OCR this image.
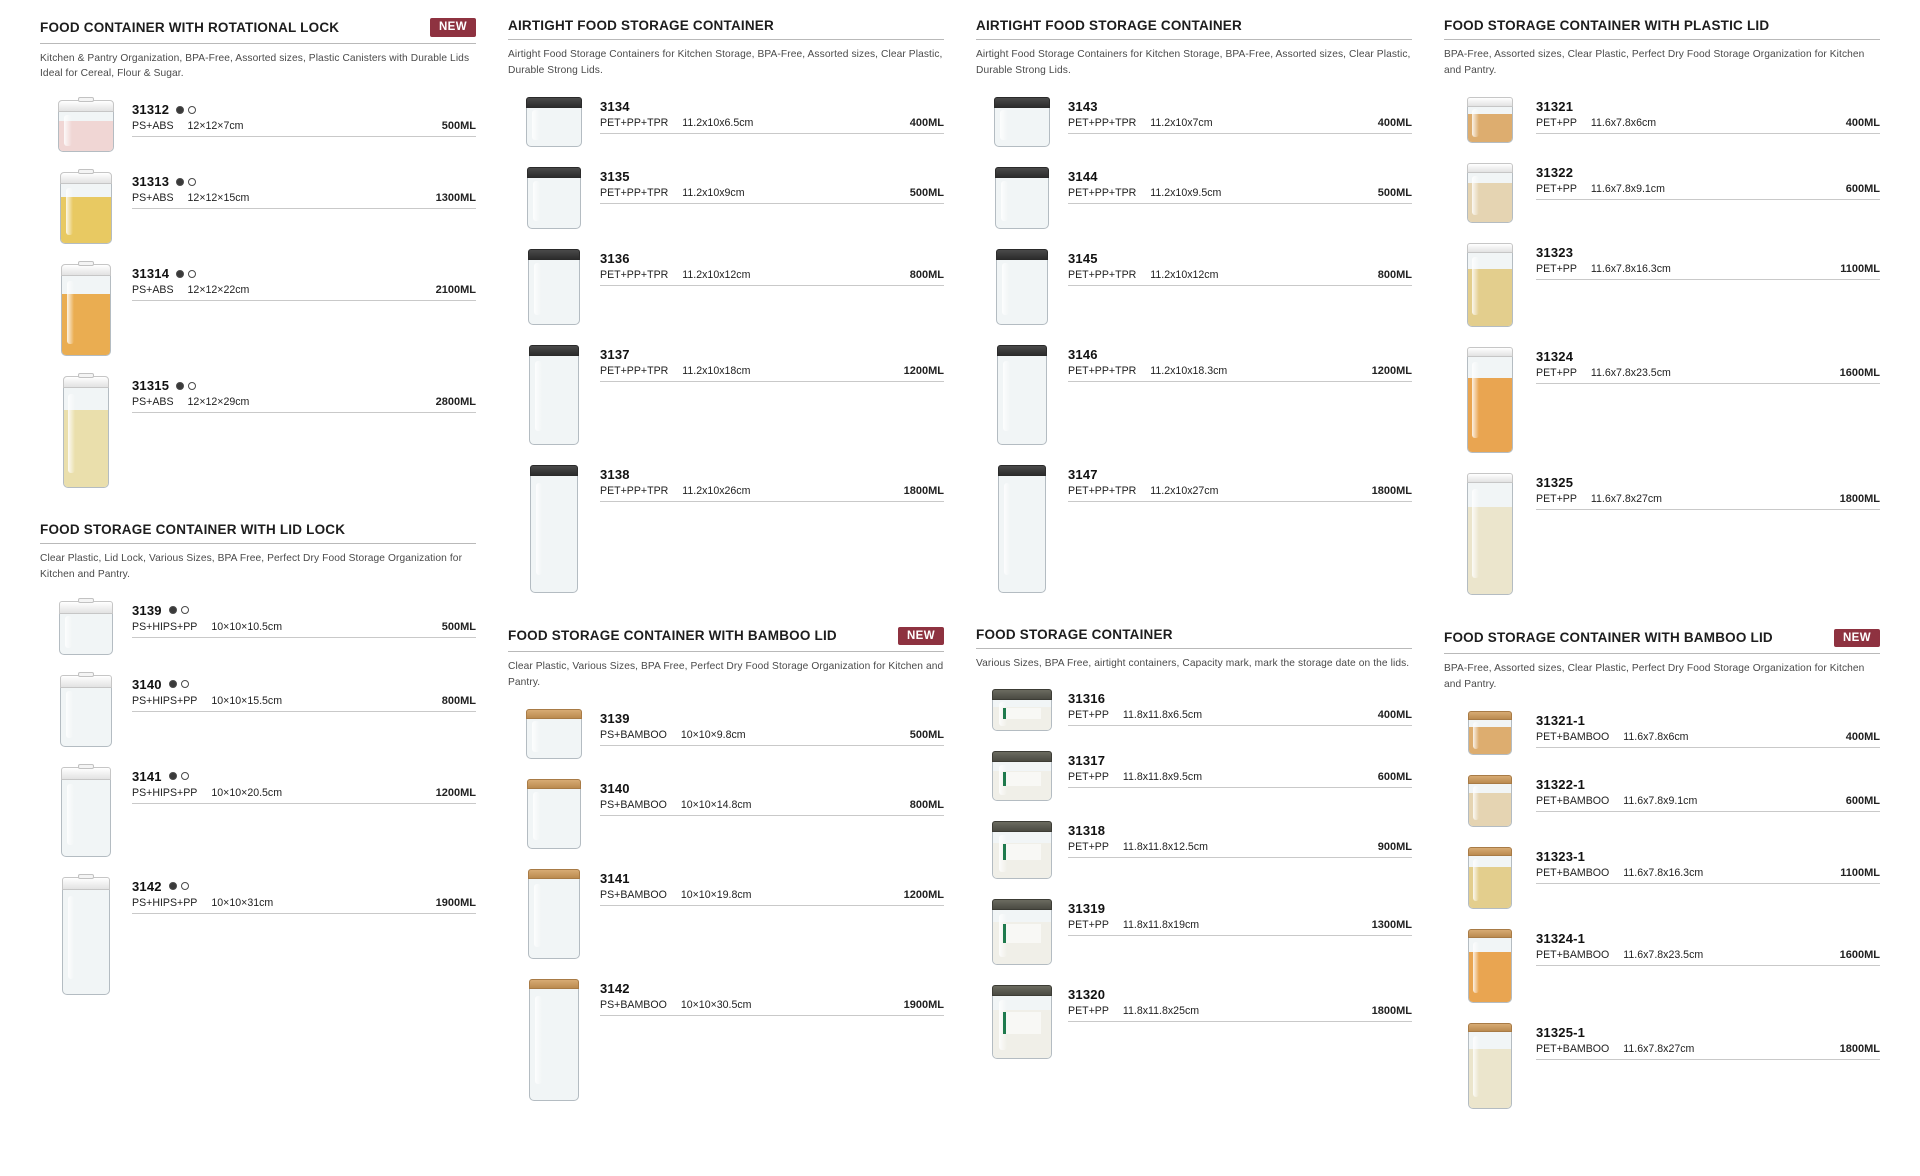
FOOD CONTAINER WITH ROTATIONAL LOCK	NEW
Kitchen & Pantry Organization, BPA-Free, Assorted sizes, Plastic Canisters with Durable Lids Ideal for Cereal, Flour & Sugar.
31312
PS+ABS 12×12×7cm	500ML
31313
PS+ABS 12×12×15cm	1300ML
31314
PS+ABS 12×12×22cm	2100ML
31315
PS+ABS 12×12×29cm	2800ML
FOOD STORAGE CONTAINER WITH LID LOCK
Clear Plastic, Lid Lock, Various Sizes, BPA Free, Perfect Dry Food Storage Organization for Kitchen and Pantry.
3139
PS+HIPS+PP 10×10×10.5cm	500ML
3140
PS+HIPS+PP 10×10×15.5cm	800ML
3141
PS+HIPS+PP 10×10×20.5cm	1200ML
3142
PS+HIPS+PP 10×10×31cm	1900ML
AIRTIGHT FOOD STORAGE CONTAINER
Airtight Food Storage Containers for Kitchen Storage, BPA-Free, Assorted sizes, Clear Plastic, Durable Strong Lids.
3134
PET+PP+TPR 11.2x10x6.5cm	400ML
3135
PET+PP+TPR 11.2x10x9cm	500ML
3136
PET+PP+TPR 11.2x10x12cm	800ML
3137
PET+PP+TPR 11.2x10x18cm	1200ML
3138
PET+PP+TPR 11.2x10x26cm	1800ML
FOOD STORAGE CONTAINER WITH BAMBOO LID	NEW
Clear Plastic, Various Sizes, BPA Free, Perfect Dry Food Storage Organization for Kitchen and Pantry.
3139
PS+BAMBOO 10×10×9.8cm	500ML
3140
PS+BAMBOO 10×10×14.8cm	800ML
3141
PS+BAMBOO 10×10×19.8cm	1200ML
3142
PS+BAMBOO 10×10×30.5cm	1900ML
AIRTIGHT FOOD STORAGE CONTAINER
Airtight Food Storage Containers for Kitchen Storage, BPA-Free, Assorted sizes, Clear Plastic, Durable Strong Lids.
3143
PET+PP+TPR 11.2x10x7cm	400ML
3144
PET+PP+TPR 11.2x10x9.5cm	500ML
3145
PET+PP+TPR 11.2x10x12cm	800ML
3146
PET+PP+TPR 11.2x10x18.3cm	1200ML
3147
PET+PP+TPR 11.2x10x27cm	1800ML
FOOD STORAGE CONTAINER
Various Sizes, BPA Free, airtight containers, Capacity mark, mark the storage date on the lids.
31316
PET+PP 11.8x11.8x6.5cm	400ML
31317
PET+PP 11.8x11.8x9.5cm	600ML
31318
PET+PP 11.8x11.8x12.5cm	900ML
31319
PET+PP 11.8x11.8x19cm	1300ML
31320
PET+PP 11.8x11.8x25cm	1800ML
FOOD STORAGE CONTAINER WITH PLASTIC LID
BPA-Free, Assorted sizes, Clear Plastic, Perfect Dry Food Storage Organization for Kitchen and Pantry.
31321
PET+PP 11.6x7.8x6cm	400ML
31322
PET+PP 11.6x7.8x9.1cm	600ML
31323
PET+PP 11.6x7.8x16.3cm	1100ML
31324
PET+PP 11.6x7.8x23.5cm	1600ML
31325
PET+PP 11.6x7.8x27cm	1800ML
FOOD STORAGE CONTAINER WITH BAMBOO LID	NEW
BPA-Free, Assorted sizes, Clear Plastic, Perfect Dry Food Storage Organization for Kitchen and Pantry.
31321-1
PET+BAMBOO 11.6x7.8x6cm	400ML
31322-1
PET+BAMBOO 11.6x7.8x9.1cm	600ML
31323-1
PET+BAMBOO 11.6x7.8x16.3cm	1100ML
31324-1
PET+BAMBOO 11.6x7.8x23.5cm	1600ML
31325-1
PET+BAMBOO 11.6x7.8x27cm	1800ML
